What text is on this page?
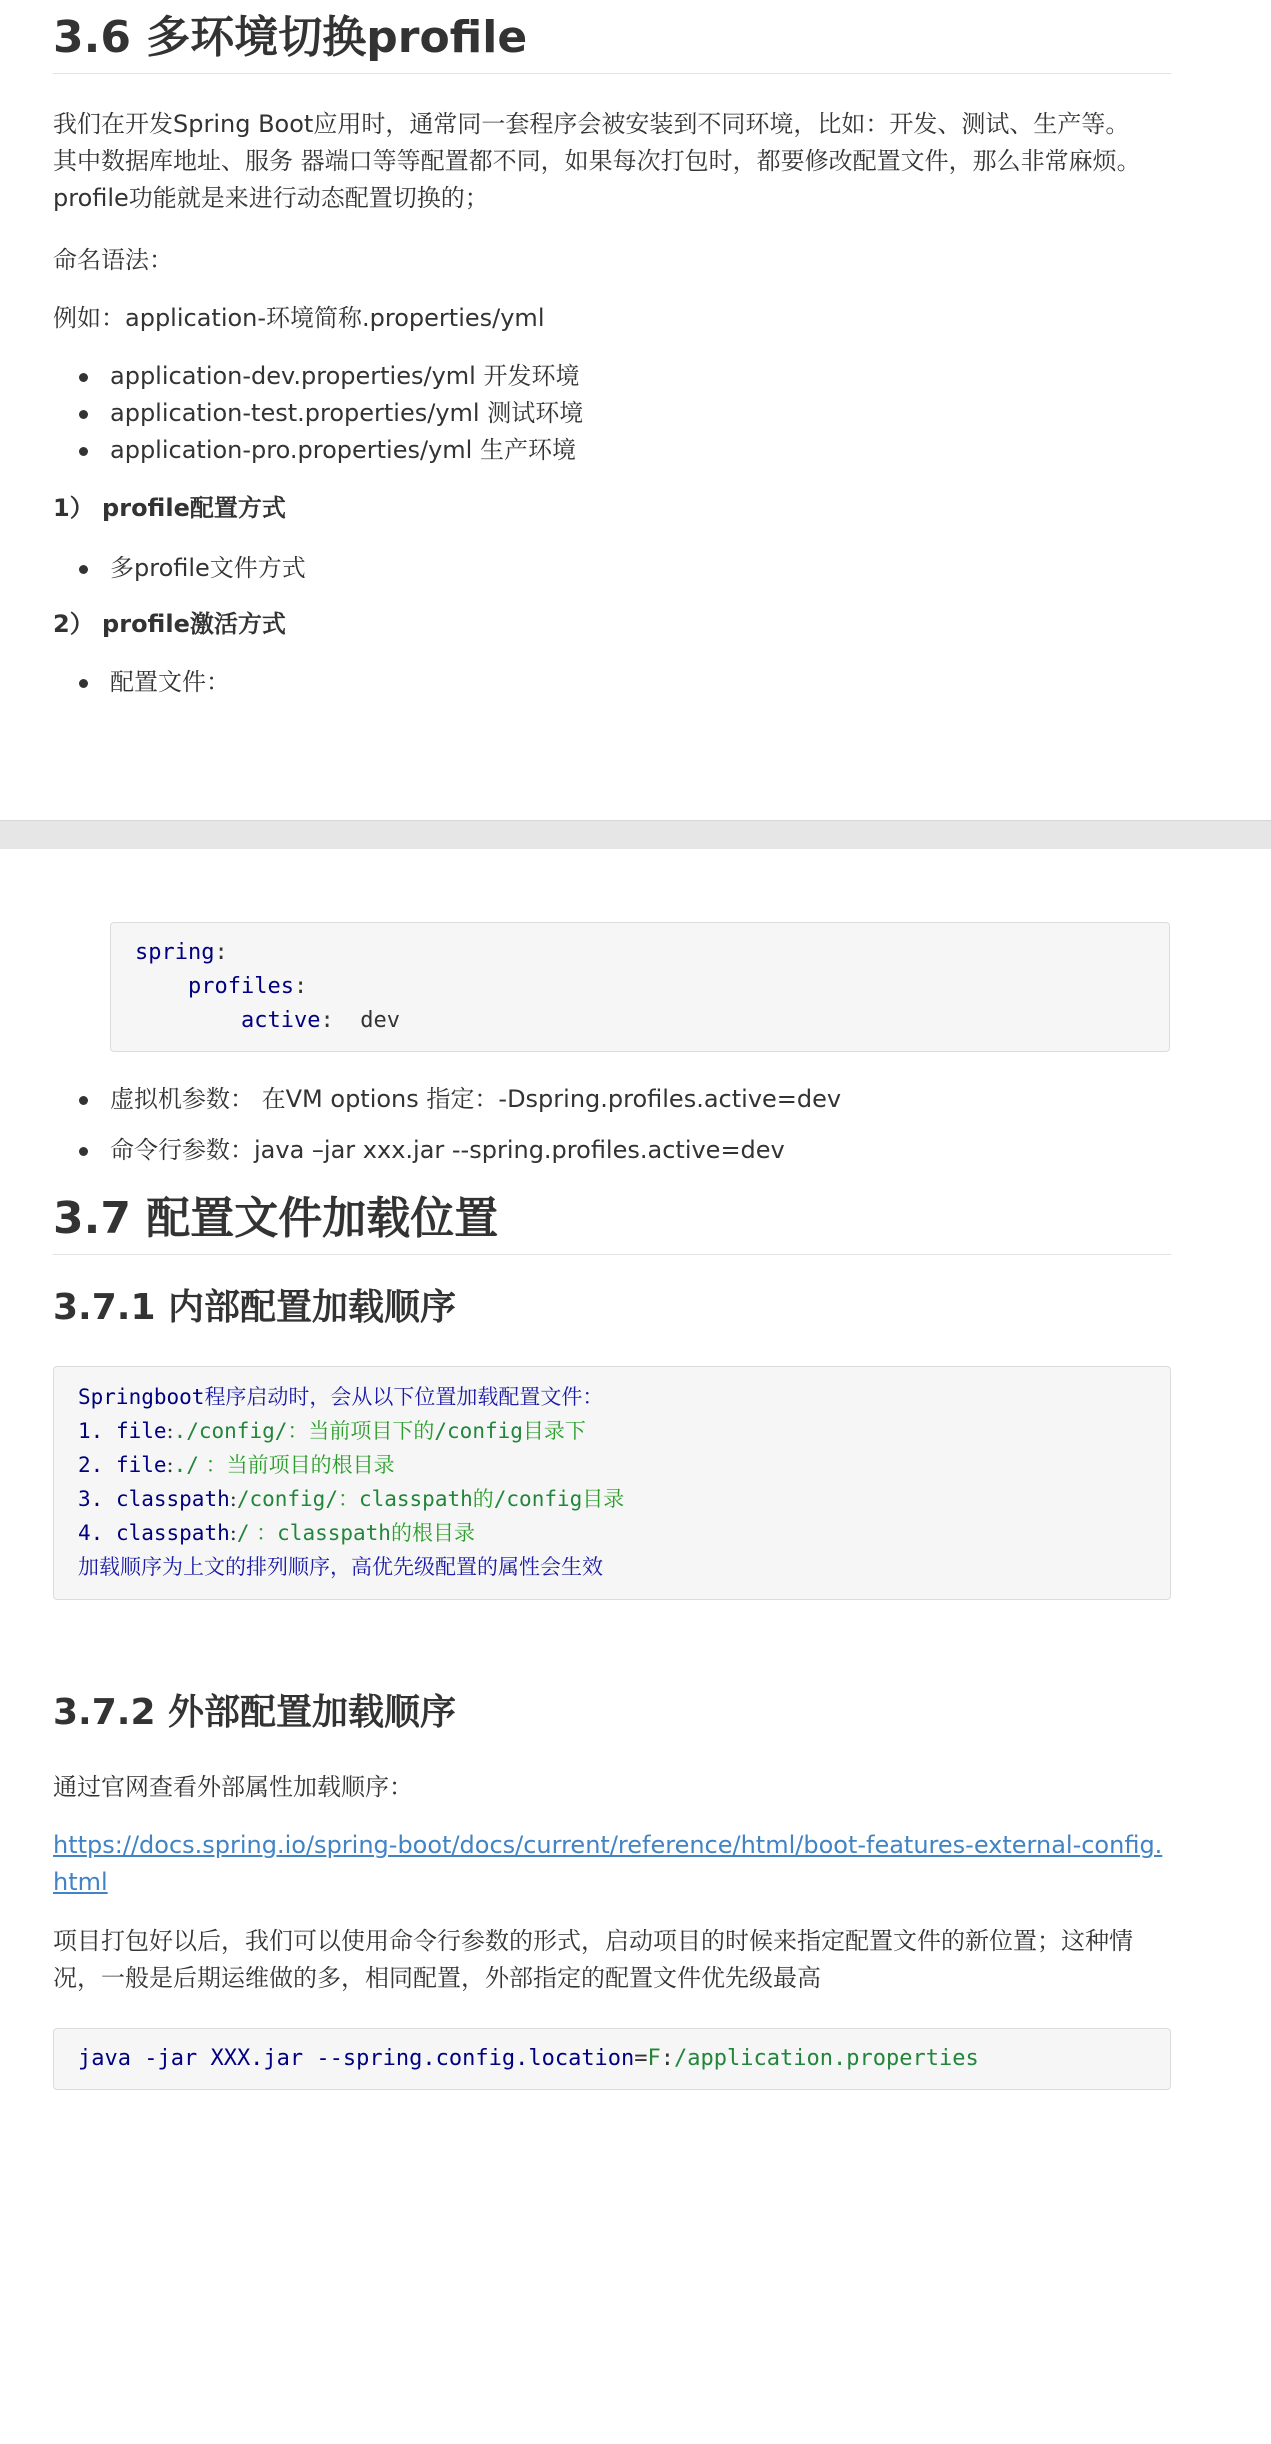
3.6 多环境切换profile
我们在开发Spring Boot应用时，通常同一套程序会被安装到不同环境，比如：开发、测试、生产等。
其中数据库地址、服务 器端口等等配置都不同，如果每次打包时，都要修改配置文件，那么非常麻烦。
profile功能就是来进行动态配置切换的；
命名语法：
例如：application-环境简称.properties/yml
application-dev.properties/yml 开发环境
application-test.properties/yml 测试环境
application-pro.properties/yml 生产环境
1） profile配置方式
多profile文件方式
2） profile激活方式
配置文件：
spring:
profiles:
active: dev
虚拟机参数： 在VM options 指定：-Dspring.profiles.active=dev
命令行参数：java –jar xxx.jar --spring.profiles.active=dev
3.7 配置文件加载位置
3.7.1 内部配置加载顺序
Springboot程序启动时，会从以下位置加载配置文件：
1. file:./config/：当前项目下的/config目录下
2. file:./ ：当前项目的根目录
3. classpath:/config/：classpath的/config目录
4. classpath:/ ：classpath的根目录
加载顺序为上文的排列顺序，高优先级配置的属性会生效
3.7.2 外部配置加载顺序
通过官网查看外部属性加载顺序：
https://docs.spring.io/spring-boot/docs/current/reference/html/boot-features-external-config.html
项目打包好以后，我们可以使用命令行参数的形式，启动项目的时候来指定配置文件的新位置；这种情
况，一般是后期运维做的多，相同配置，外部指定的配置文件优先级最高
java -jar XXX.jar --spring.config.location=F:/application.properties
